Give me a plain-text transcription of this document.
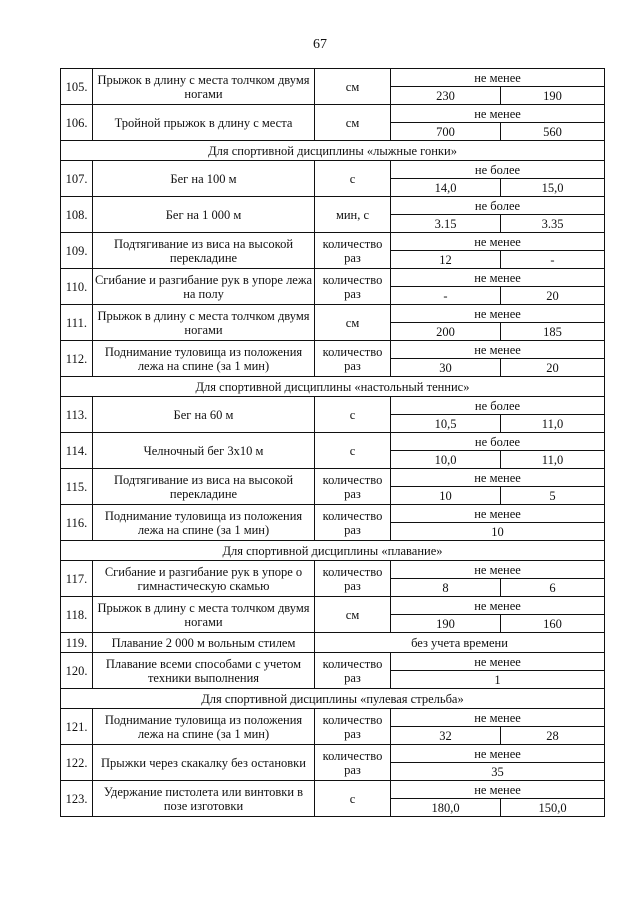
67
105.	Прыжок в длину с места толчком двумя ногами	см	не менее	
			230	190
106.	Тройной прыжок в длину с места	см	не менее	
			700	560
Для спортивной дисциплины «лыжные гонки»				
107.	Бег на 100 м	с	не более	
			14,0	15,0
108.	Бег на 1 000 м	мин, с	не более	
			3.15	3.35
109.	Подтягивание из виса на высокой перекладине	количество раз	не менее	
			12	-
110.	Сгибание и разгибание рук в упоре лежа на полу	количество раз	не менее	
			-	20
111.	Прыжок в длину с места толчком двумя ногами	см	не менее	
			200	185
112.	Поднимание туловища из положения лежа на спине (за 1 мин)	количество раз	не менее	
			30	20
Для спортивной дисциплины «настольный теннис»				
113.	Бег на 60 м	с	не более	
			10,5	11,0
114.	Челночный бег 3х10 м	с	не более	
			10,0	11,0
115.	Подтягивание из виса на высокой перекладине	количество раз	не менее	
			10	5
116.	Поднимание туловища из положения лежа на спине (за 1 мин)	количество раз	не менее	
			10	
Для спортивной дисциплины «плавание»				
117.	Сгибание и разгибание рук в упоре о гимнастическую скамью	количество раз	не менее	
			8	6
118.	Прыжок в длину с места толчком двумя ногами	см	не менее	
			190	160
119.	Плавание 2 000 м вольным стилем	без учета времени		
120.	Плавание всеми способами с учетом техники выполнения	количество раз	не менее	
			1	
Для спортивной дисциплины «пулевая стрельба»				
121.	Поднимание туловища из положения лежа на спине (за 1 мин)	количество раз	не менее	
			32	28
122.	Прыжки через скакалку без остановки	количество раз	не менее	
			35	
123.	Удержание пистолета или винтовки в позе изготовки	с	не менее	
			180,0	150,0
